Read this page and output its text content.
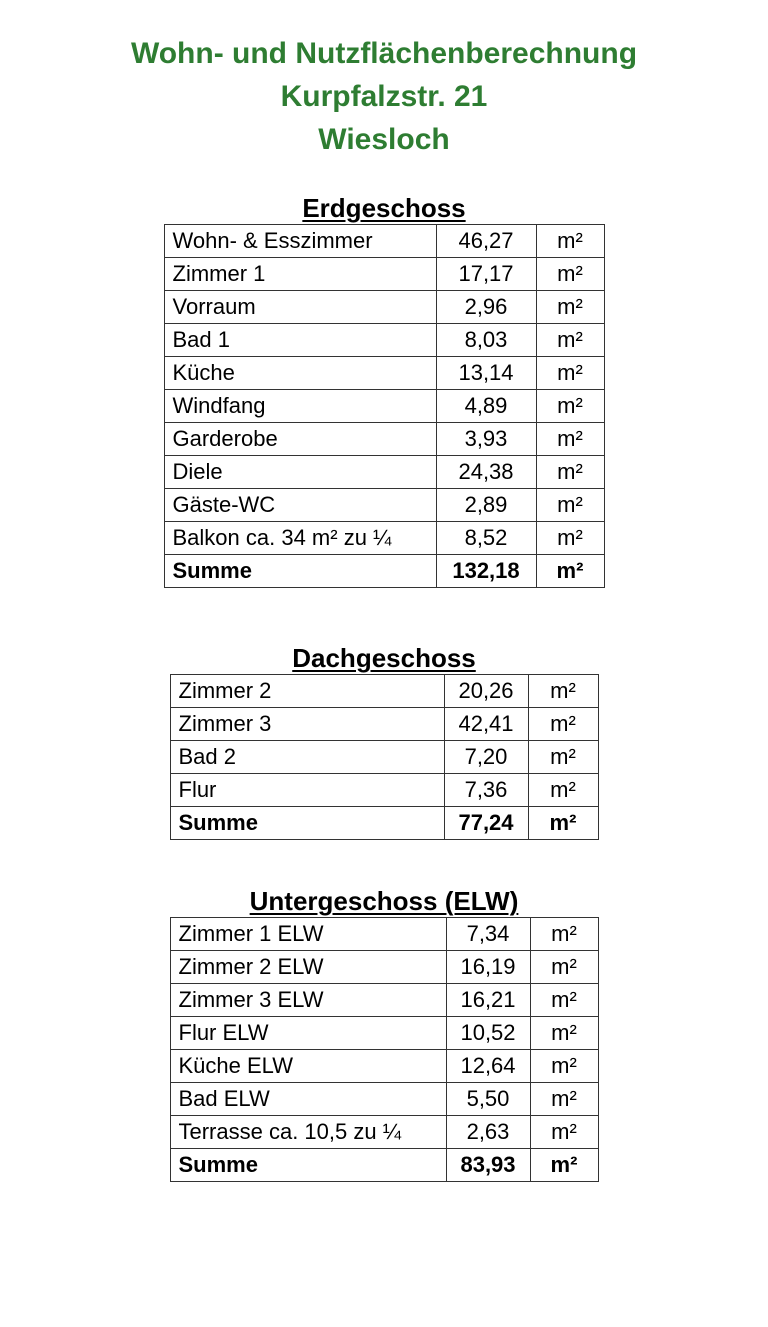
Wohn- und Nutzflächenberechnung
Kurpfalzstr. 21
Wiesloch
Erdgeschoss
Wohn- & Esszimmer	46,27	m²
Zimmer 1	17,17	m²
Vorraum	2,96	m²
Bad 1	8,03	m²
Küche	13,14	m²
Windfang	4,89	m²
Garderobe	3,93	m²
Diele	24,38	m²
Gäste-WC	2,89	m²
Balkon ca. 34 m² zu ¼	8,52	m²
Summe	132,18	m²
Dachgeschoss
Zimmer 2	20,26	m²
Zimmer 3	42,41	m²
Bad 2	7,20	m²
Flur	7,36	m²
Summe	77,24	m²
Untergeschoss (ELW)
Zimmer 1 ELW	7,34	m²
Zimmer 2 ELW	16,19	m²
Zimmer 3 ELW	16,21	m²
Flur ELW	10,52	m²
Küche ELW	12,64	m²
Bad ELW	5,50	m²
Terrasse ca. 10,5 zu ¼	2,63	m²
Summe	83,93	m²
